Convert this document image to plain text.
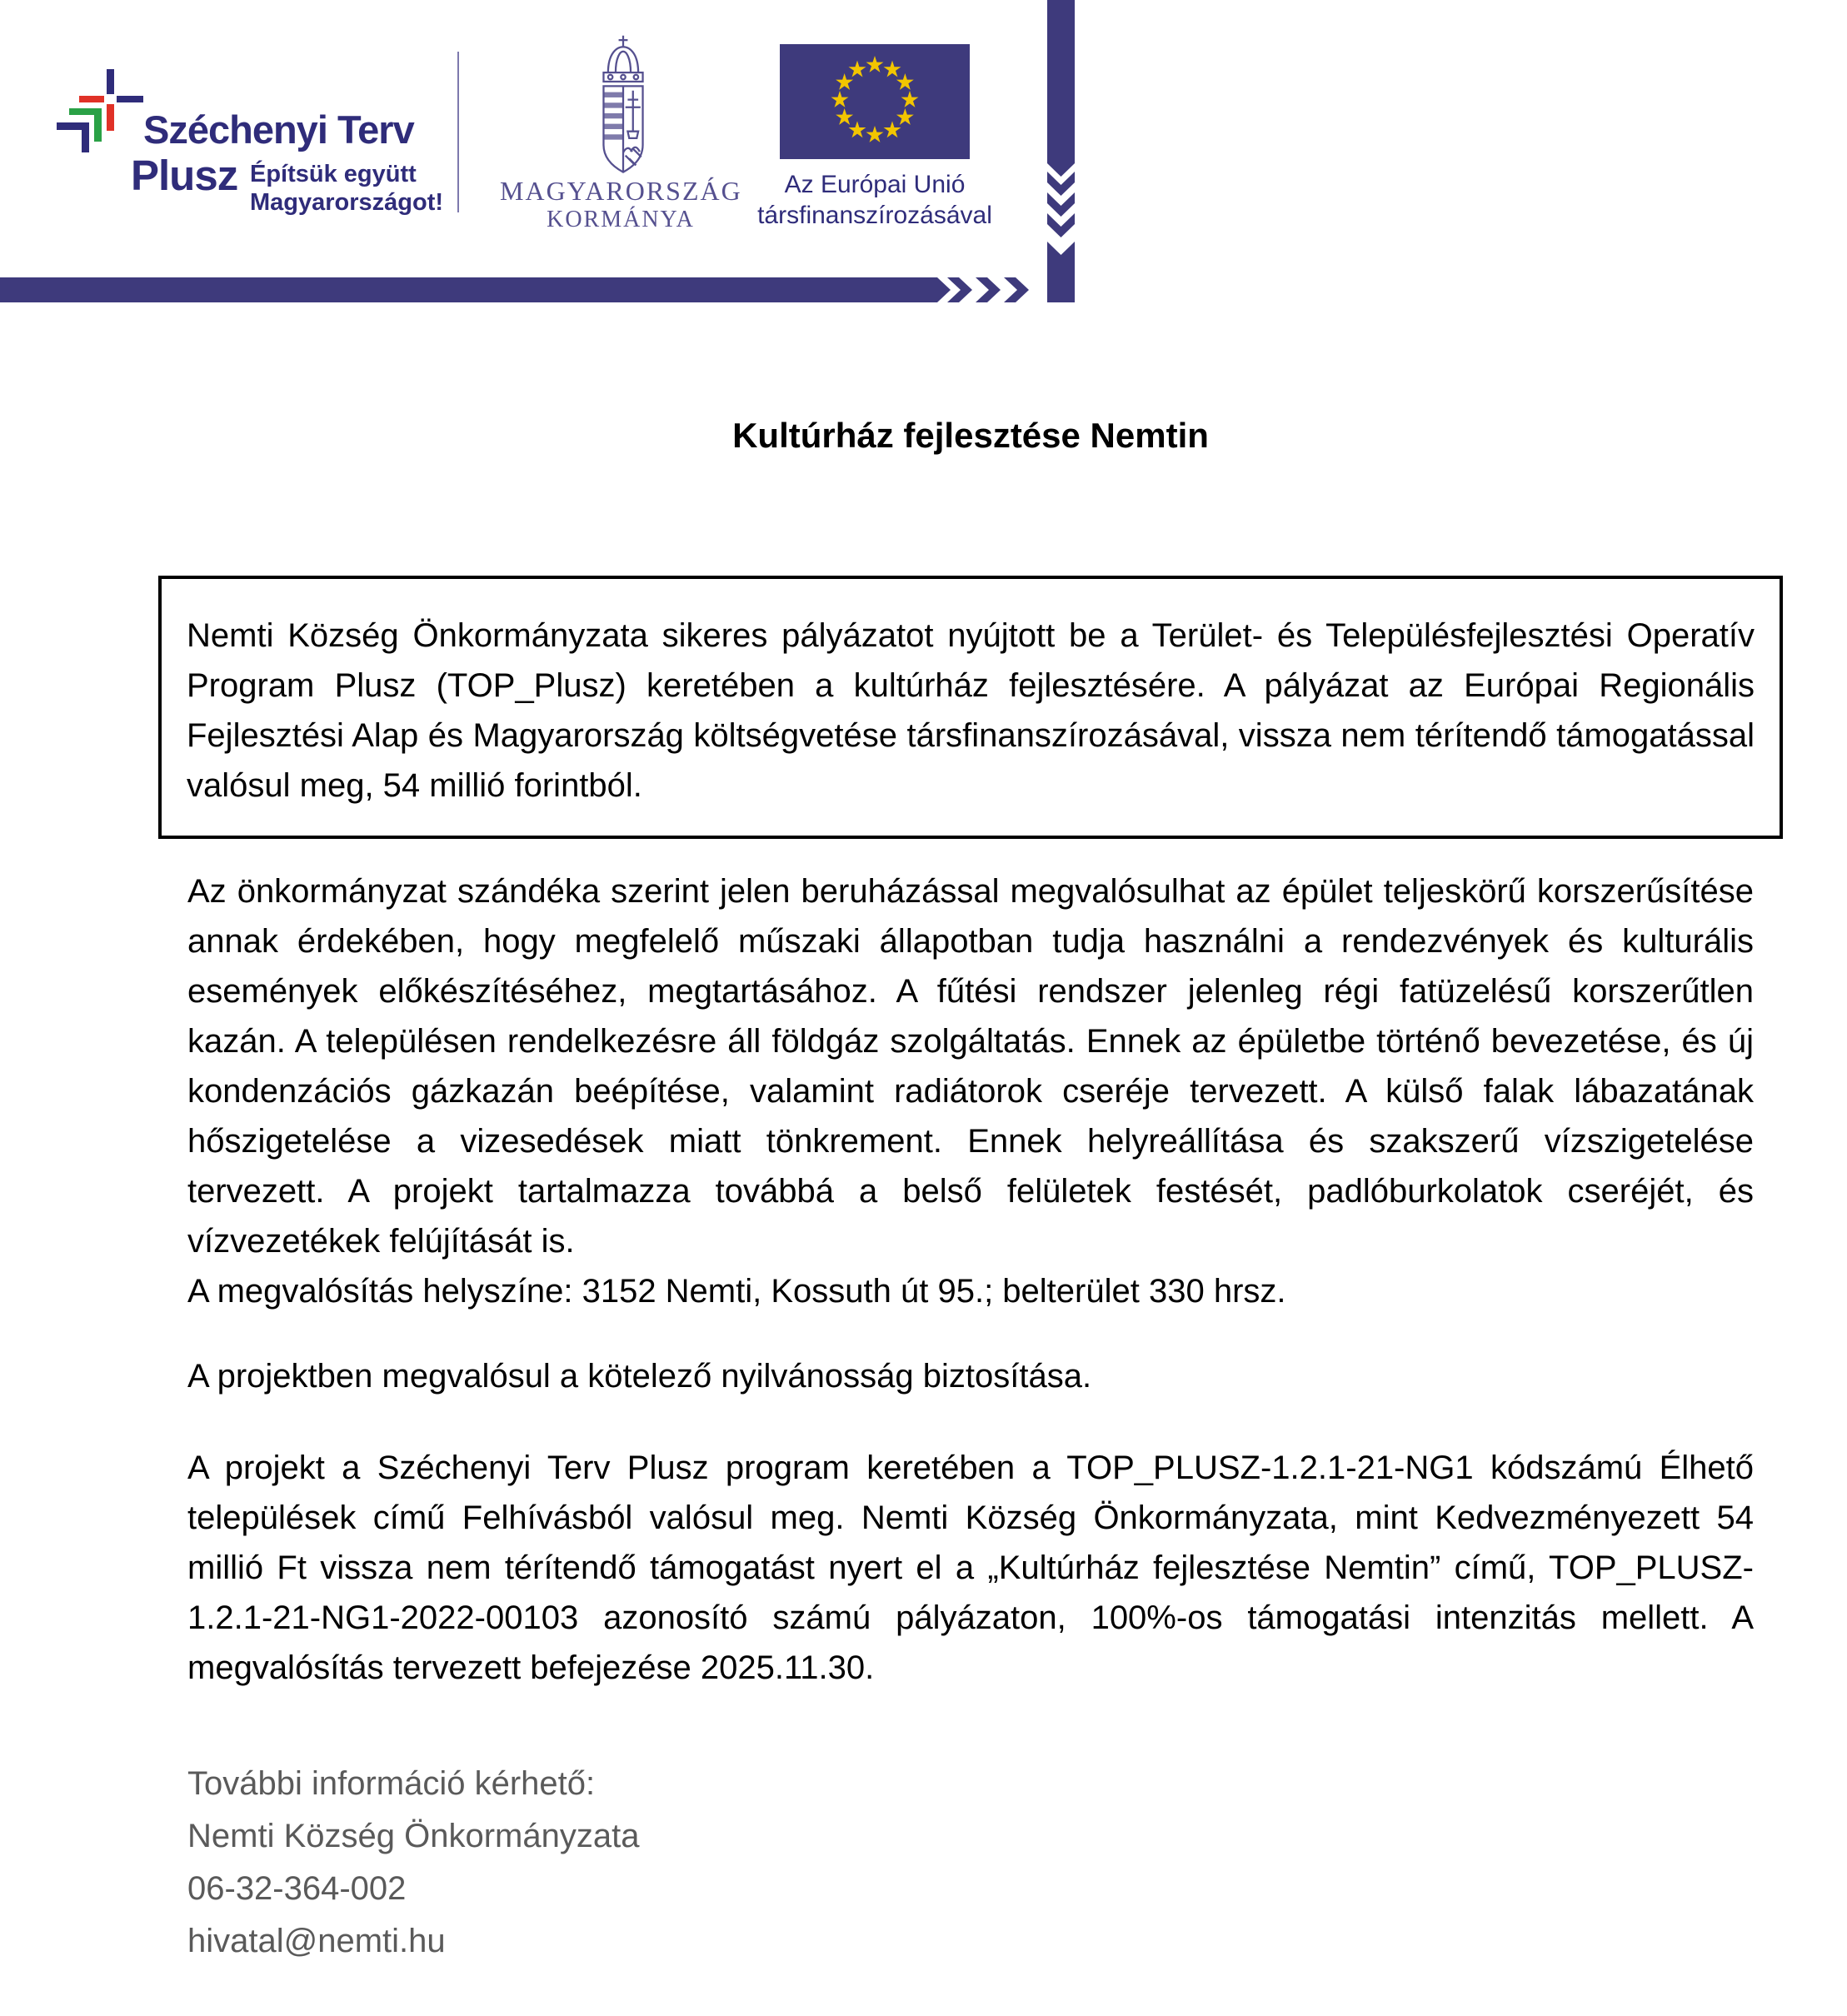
Széchenyi Terv
Plusz Építsük együtt
Magyarországot! MAGYARORSZÁG
KORMÁNYA
Az Európai Unió
társfinanszírozásával
Kultúrház fejlesztése Nemtin
Nemti Község Önkormányzata sikeres pályázatot nyújtott be a Terület- és Településfejlesztési Operatív Program Plusz (TOP_Plusz) keretében a kultúrház fejlesztésére. A pályázat az Európai Regionális Fejlesztési Alap és Magyarország költségvetése társfinanszírozásával, vissza nem térítendő támogatással valósul meg, 54 millió forintból.
Az önkormányzat szándéka szerint jelen beruházással megvalósulhat az épület teljeskörű korszerűsítése annak érdekében, hogy megfelelő műszaki állapotban tudja használni a rendezvények és kulturális események előkészítéséhez, megtartásához. A fűtési rendszer jelenleg régi fatüzelésű korszerűtlen kazán. A településen rendelkezésre áll földgáz szolgáltatás. Ennek az épületbe történő bevezetése, és új kondenzációs gázkazán beépítése, valamint radiátorok cseréje tervezett. A külső falak lábazatának hőszigetelése a vizesedések miatt tönkrement. Ennek helyreállítása és szakszerű vízszigetelése tervezett. A projekt tartalmazza továbbá a belső felületek festését, padlóburkolatok cseréjét, és vízvezetékek felújítását is.
A megvalósítás helyszíne: 3152 Nemti, Kossuth út 95.; belterület 330 hrsz.
A projektben megvalósul a kötelező nyilvánosság biztosítása.
A projekt a Széchenyi Terv Plusz program keretében a TOP_PLUSZ-1.2.1-21-NG1 kódszámú Élhető települések című Felhívásból valósul meg. Nemti Község Önkormányzata, mint Kedvezményezett 54 millió Ft vissza nem térítendő támogatást nyert el a „Kultúrház fejlesztése Nemtin” című, TOP_PLUSZ-1.2.1-21-NG1-2022-00103 azonosító számú pályázaton, 100%-os támogatási intenzitás mellett. A megvalósítás tervezett befejezése 2025.11.30.
További információ kérhető:
Nemti Község Önkormányzata
06-32-364-002
hivatal@nemti.hu
